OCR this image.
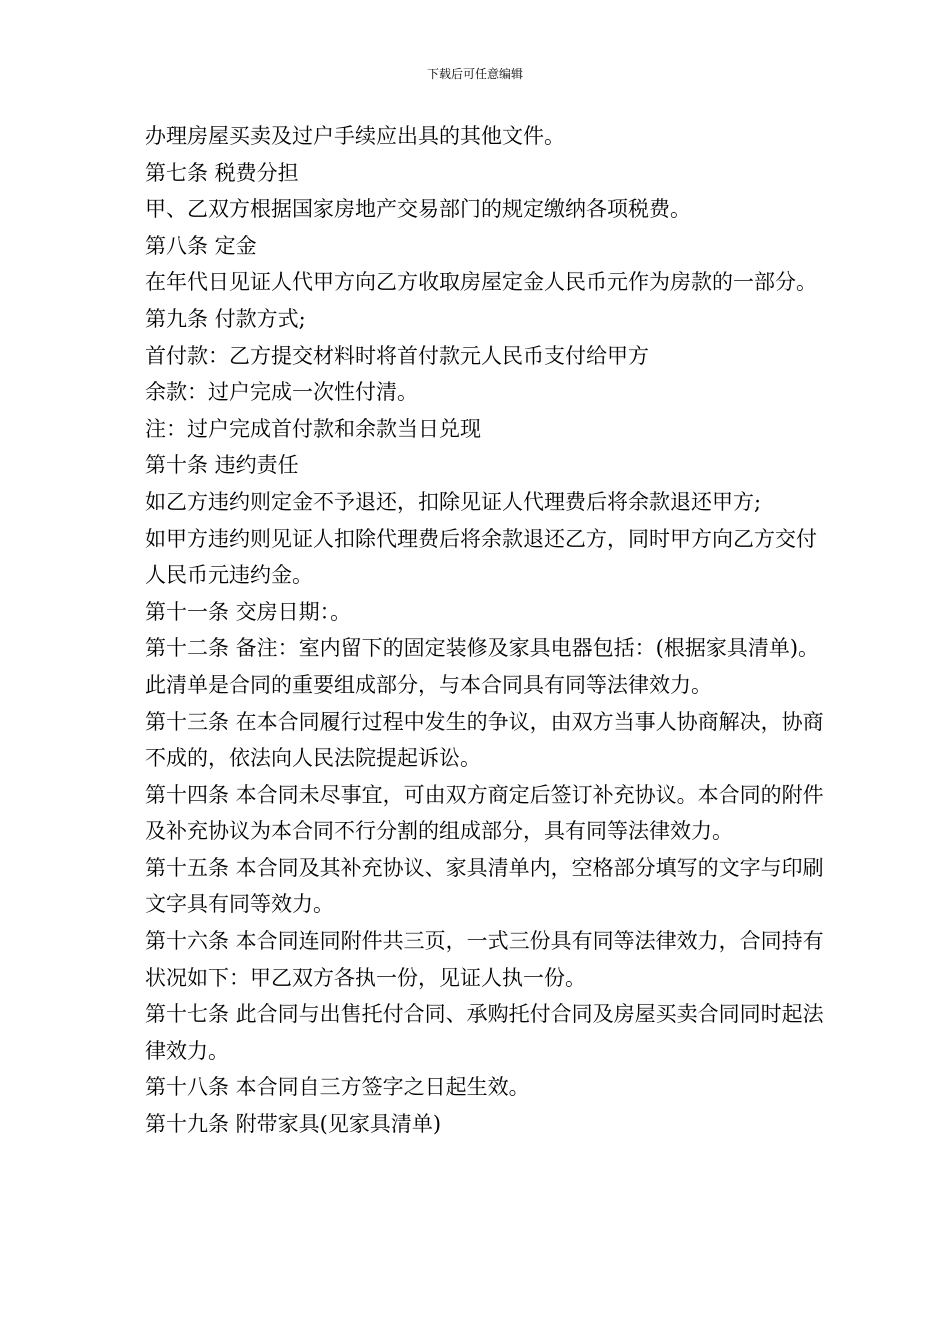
下载后可任意编辑

办理房屋买卖及过户手续应出具的其他文件。

第七条 税费分担

甲、乙双方根据国家房地产交易部门的规定缴纳各项税费。

第八条 定金

在年代日见证人代甲方向乙方收取房屋定金人民币元作为房款的一部分。

第九条 付款方式;

首付款：乙方提交材料时将首付款元人民币支付给甲方

余款：过户完成一次性付清。

注：过户完成首付款和余款当日兑现

第十条 违约责任

如乙方违约则定金不予退还，扣除见证人代理费后将余款退还甲方;

如甲方违约则见证人扣除代理费后将余款退还乙方，同时甲方向乙方交付人民币元违约金。

第十一条 交房日期：。

第十二条 备注：室内留下的固定装修及家具电器包括：(根据家具清单)。此清单是合同的重要组成部分，与本合同具有同等法律效力。

第十三条 在本合同履行过程中发生的争议，由双方当事人协商解决，协商不成的，依法向人民法院提起诉讼。

第十四条 本合同未尽事宜，可由双方商定后签订补充协议。本合同的附件及补充协议为本合同不行分割的组成部分，具有同等法律效力。

第十五条 本合同及其补充协议、家具清单内，空格部分填写的文字与印刷文字具有同等效力。

第十六条 本合同连同附件共三页，一式三份具有同等法律效力，合同持有状况如下：甲乙双方各执一份，见证人执一份。

第十七条 此合同与出售托付合同、承购托付合同及房屋买卖合同同时起法律效力。

第十八条 本合同自三方签字之日起生效。

第十九条 附带家具(见家具清单)
